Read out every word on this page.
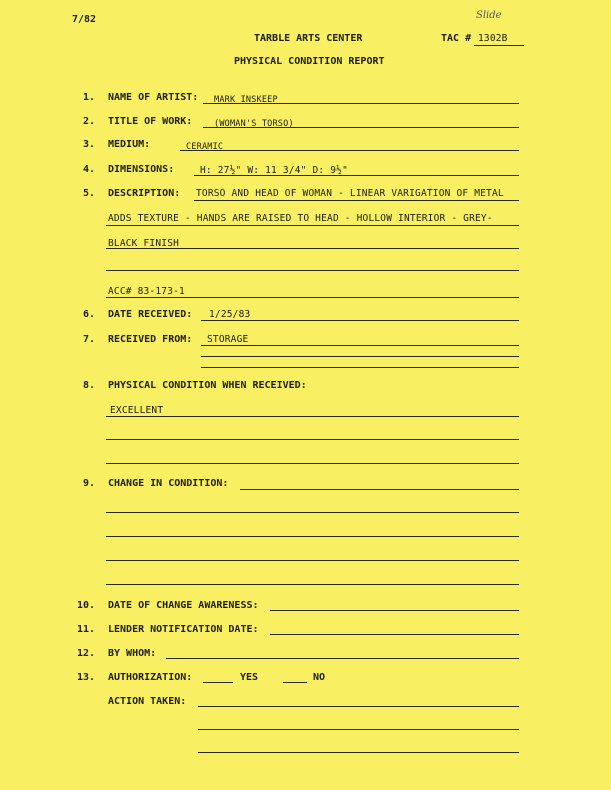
7/82	Slide
TARBLE ARTS CENTER	TAC # 1302B
PHYSICAL CONDITION REPORT
1. NAME OF ARTIST: MARK INSKEEP
2. TITLE OF WORK:	(WOMAN'S TORSO)
3. MEDIUM:	CERAMIC
4. DIMENSIONS:	H: 27½" W: 11 3/4" D: 9½"
5. DESCRIPTION: TORSO AND HEAD OF WOMAN - LINEAR VARIGATION OF METAL
ADDS TEXTURE - HANDS ARE RAISED TO HEAD - HOLLOW INTERIOR - GREY-
BLACK FINISH
ACC# 83-173-1
6. DATE RECEIVED: 1/25/83
7. RECEIVED FROM: STORAGE
8. PHYSICAL CONDITION WHEN RECEIVED:
EXCELLENT
9. CHANGE IN CONDITION:
10. DATE OF CHANGE AWARENESS:
11. LENDER NOTIFICATION DATE:
12. BY WHOM:
13. AUTHORIZATION:	YES	NO
ACTION TAKEN:
